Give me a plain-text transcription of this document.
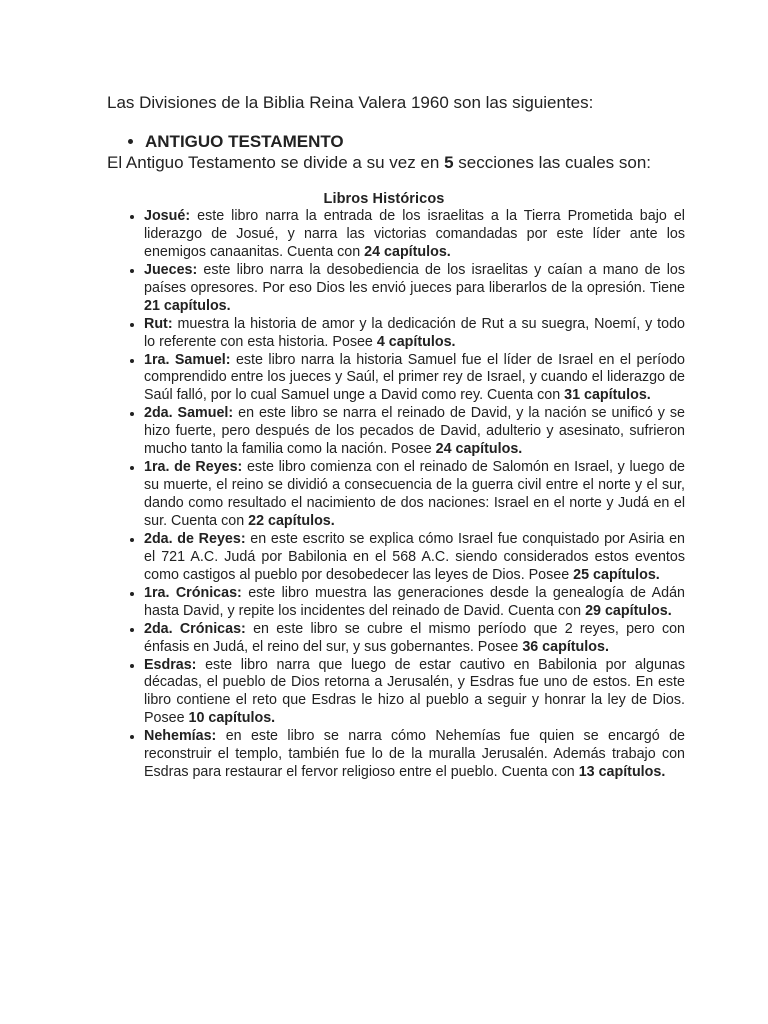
Las Divisiones de la Biblia Reina Valera 1960 son las siguientes:

• ANTIGUO TESTAMENTO

El Antiguo Testamento se divide a su vez en 5 secciones las cuales son:

Libros Históricos

• Josué: este libro narra la entrada de los israelitas a la Tierra Prometida bajo el liderazgo de Josué, y narra las victorias comandadas por este líder ante los enemigos canaanitas. Cuenta con 24 capítulos.
• Jueces: este libro narra la desobediencia de los israelitas y caían a mano de los países opresores. Por eso Dios les envió jueces para liberarlos de la opresión. Tiene 21 capítulos.
• Rut: muestra la historia de amor y la dedicación de Rut a su suegra, Noemí, y todo lo referente con esta historia. Posee 4 capítulos.
• 1ra. Samuel: este libro narra la historia Samuel fue el líder de Israel en el período comprendido entre los jueces y Saúl, el primer rey de Israel, y cuando el liderazgo de Saúl falló, por lo cual Samuel unge a David como rey. Cuenta con 31 capítulos.
• 2da. Samuel: en este libro se narra el reinado de David, y la nación se unificó y se hizo fuerte, pero después de los pecados de David, adulterio y asesinato, sufrieron mucho tanto la familia como la nación. Posee 24 capítulos.
• 1ra. de Reyes: este libro comienza con el reinado de Salomón en Israel, y luego de su muerte, el reino se dividió a consecuencia de la guerra civil entre el norte y el sur, dando como resultado el nacimiento de dos naciones: Israel en el norte y Judá en el sur. Cuenta con 22 capítulos.
• 2da. de Reyes: en este escrito se explica cómo Israel fue conquistado por Asiria en el 721 A.C. Judá por Babilonia en el 568 A.C. siendo considerados estos eventos como castigos al pueblo por desobedecer las leyes de Dios. Posee 25 capítulos.
• 1ra. Crónicas: este libro muestra las generaciones desde la genealogía de Adán hasta David, y repite los incidentes del reinado de David. Cuenta con 29 capítulos.
• 2da. Crónicas: en este libro se cubre el mismo período que 2 reyes, pero con énfasis en Judá, el reino del sur, y sus gobernantes. Posee 36 capítulos.
• Esdras: este libro narra que luego de estar cautivo en Babilonia por algunas décadas, el pueblo de Dios retorna a Jerusalén, y Esdras fue uno de estos. En este libro contiene el reto que Esdras le hizo al pueblo a seguir y honrar la ley de Dios. Posee 10 capítulos.
• Nehemías: en este libro se narra cómo Nehemías fue quien se encargó de reconstruir el templo, también fue lo de la muralla Jerusalén. Además trabajo con Esdras para restaurar el fervor religioso entre el pueblo. Cuenta con 13 capítulos.
